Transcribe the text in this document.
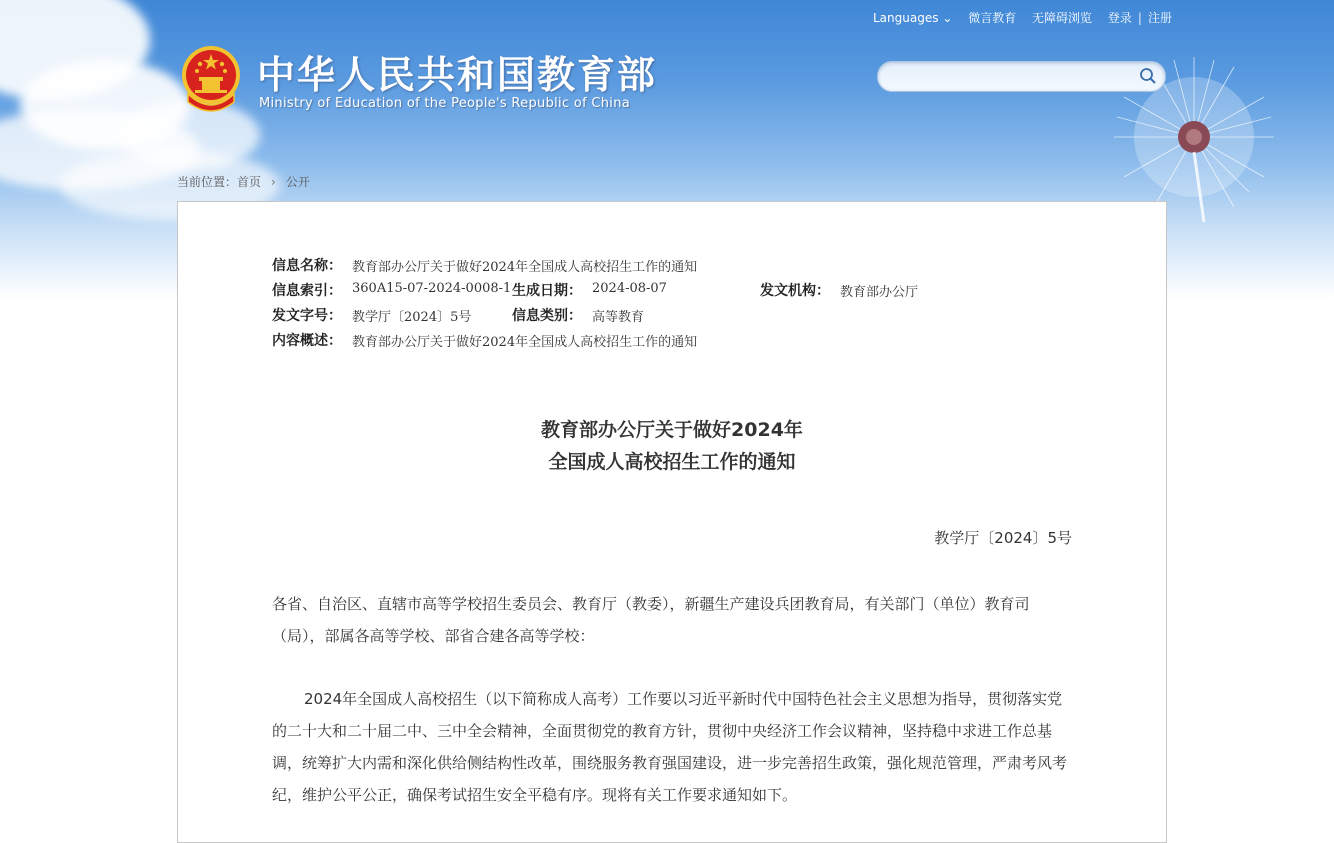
Languages ⌄ 微言教育 无障碍浏览 登录 | 注册
中华人民共和国教育部
Ministry of Education of the People's Republic of China
当前位置：首页 › 公开
信息名称： 教育部办公厅关于做好2024年全国成人高校招生工作的通知
信息索引： 360A15-07-2024-0008-1 生成日期： 2024-08-07	发文机构： 教育部办公厅
发文字号： 教学厅〔2024〕5号	信息类别： 高等教育
内容概述： 教育部办公厅关于做好2024年全国成人高校招生工作的通知
教育部办公厅关于做好2024年
全国成人高校招生工作的通知
教学厅〔2024〕5号
各省、自治区、直辖市高等学校招生委员会、教育厅（教委），新疆生产建设兵团教育局，有关部门（单位）教育司（局），部属各高等学校、部省合建各高等学校：
2024年全国成人高校招生（以下简称成人高考）工作要以习近平新时代中国特色社会主义思想为指导，贯彻落实党的二十大和二十届二中、三中全会精神，全面贯彻党的教育方针，贯彻中央经济工作会议精神，坚持稳中求进工作总基调，统筹扩大内需和深化供给侧结构性改革，围绕服务教育强国建设，进一步完善招生政策，强化规范管理，严肃考风考纪，维护公平公正，确保考试招生安全平稳有序。现将有关工作要求通知如下。
